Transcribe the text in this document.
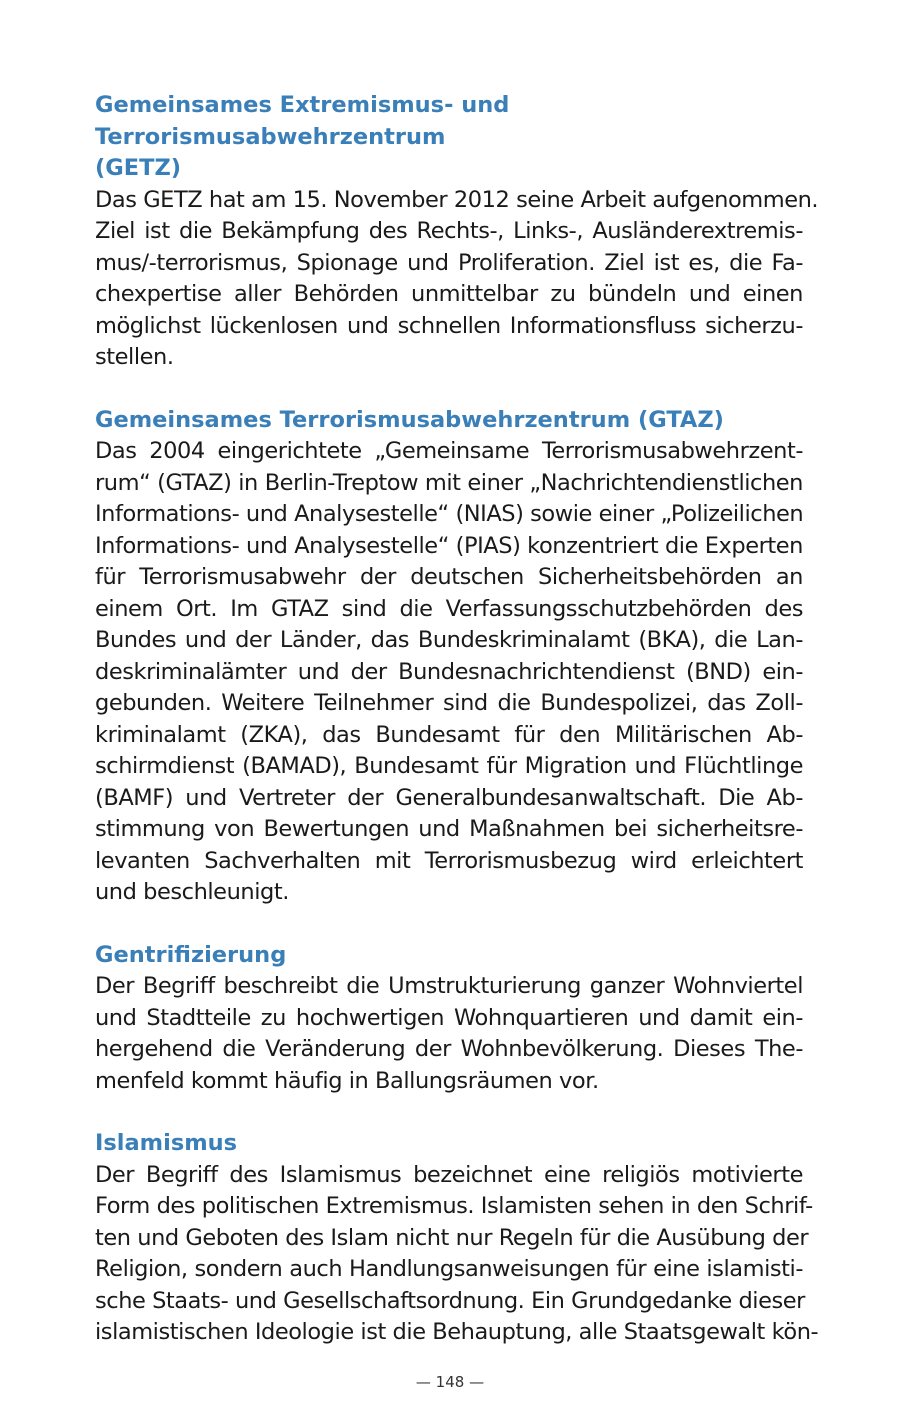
Gemeinsames Extremismus- und Terrorismusabwehrzentrum
(GETZ)
Das GETZ hat am 15. November 2012 seine Arbeit aufgenommen.
Ziel ist die Bekämpfung des Rechts-, Links-, Ausländerextremis-
mus/-terrorismus, Spionage und Proliferation. Ziel ist es, die Fa-
chexpertise aller Behörden unmittelbar zu bündeln und einen
möglichst lückenlosen und schnellen Informationsfluss sicherzu-
stellen.
Gemeinsames Terrorismusabwehrzentrum (GTAZ)
Das 2004 eingerichtete „Gemeinsame Terrorismusabwehrzent-
rum“ (GTAZ) in Berlin-Treptow mit einer „Nachrichtendienstlichen
Informations- und Analysestelle“ (NIAS) sowie einer „Polizeilichen
Informations- und Analysestelle“ (PIAS) konzentriert die Experten
für Terrorismusabwehr der deutschen Sicherheitsbehörden an
einem Ort. Im GTAZ sind die Verfassungsschutzbehörden des
Bundes und der Länder, das Bundeskriminalamt (BKA), die Lan-
deskriminalämter und der Bundesnachrichtendienst (BND) ein-
gebunden. Weitere Teilnehmer sind die Bundespolizei, das Zoll-
kriminalamt (ZKA), das Bundesamt für den Militärischen Ab-
schirmdienst (BAMAD), Bundesamt für Migration und Flüchtlinge
(BAMF) und Vertreter der Generalbundesanwaltschaft. Die Ab-
stimmung von Bewertungen und Maßnahmen bei sicherheitsre-
levanten Sachverhalten mit Terrorismusbezug wird erleichtert
und beschleunigt.
Gentrifizierung
Der Begriff beschreibt die Umstrukturierung ganzer Wohnviertel
und Stadtteile zu hochwertigen Wohnquartieren und damit ein-
hergehend die Veränderung der Wohnbevölkerung. Dieses The-
menfeld kommt häufig in Ballungsräumen vor.
Islamismus
Der Begriff des Islamismus bezeichnet eine religiös motivierte
Form des politischen Extremismus. Islamisten sehen in den Schrif-
ten und Geboten des Islam nicht nur Regeln für die Ausübung der
Religion, sondern auch Handlungsanweisungen für eine islamisti-
sche Staats- und Gesellschaftsordnung. Ein Grundgedanke dieser
islamistischen Ideologie ist die Behauptung, alle Staatsgewalt kön-
— 148 —
